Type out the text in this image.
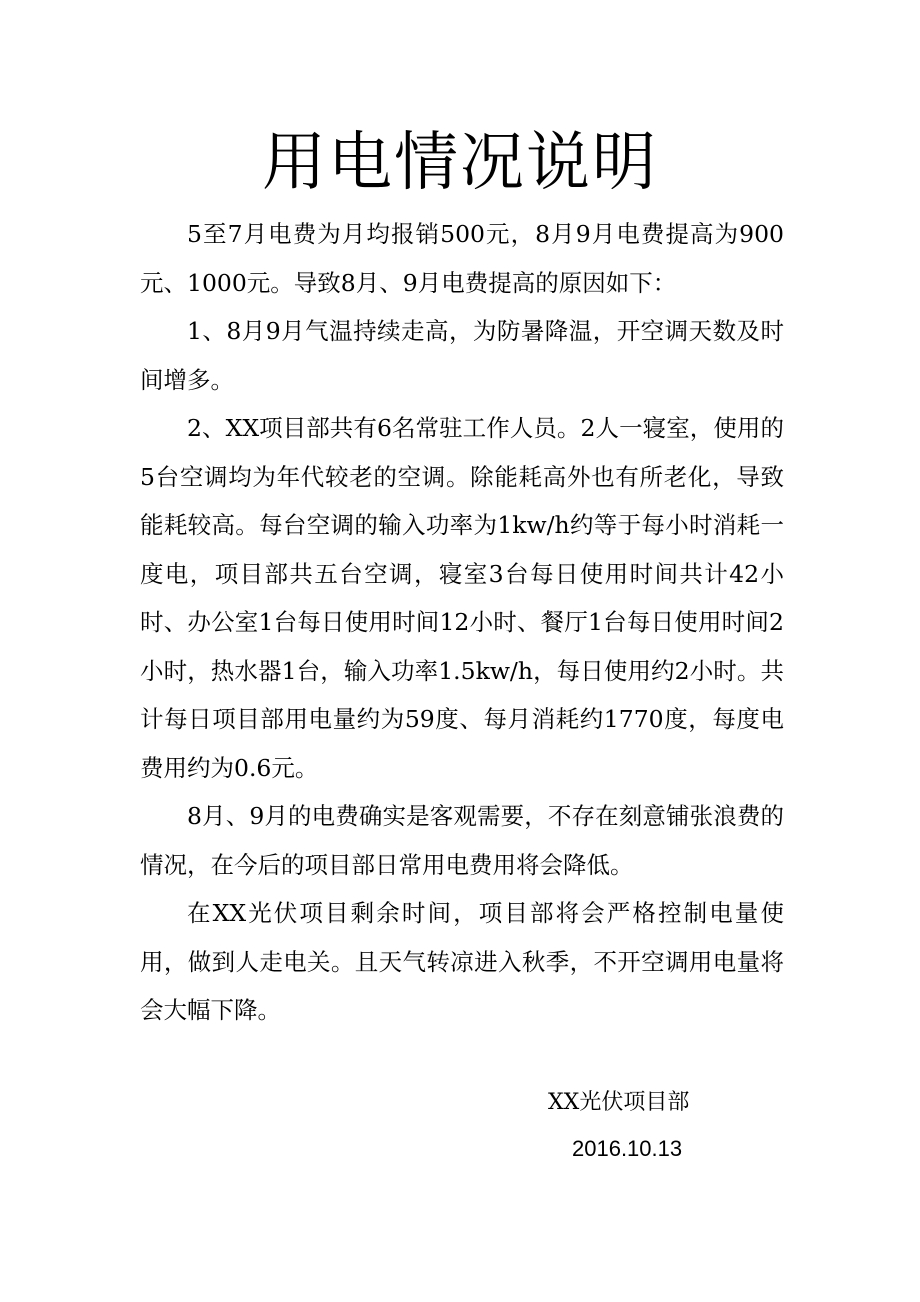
用电情况说明

5至7月电费为月均报销500元，8月9月电费提高为900元、1000元。导致8月、9月电费提高的原因如下：

1、8月9月气温持续走高，为防暑降温，开空调天数及时间增多。

2、XX项目部共有6名常驻工作人员。2人一寝室，使用的5台空调均为年代较老的空调。除能耗高外也有所老化，导致能耗较高。每台空调的输入功率为1kw/h约等于每小时消耗一度电，项目部共五台空调，寝室3台每日使用时间共计42小时、办公室1台每日使用时间12小时、餐厅1台每日使用时间2小时，热水器1台，输入功率1.5kw/h，每日使用约2小时。共计每日项目部用电量约为59度、每月消耗约1770度，每度电费用约为0.6元。

8月、9月的电费确实是客观需要，不存在刻意铺张浪费的情况，在今后的项目部日常用电费用将会降低。

在XX光伏项目剩余时间，项目部将会严格控制电量使用，做到人走电关。且天气转凉进入秋季，不开空调用电量将会大幅下降。

XX光伏项目部
2016.10.13
